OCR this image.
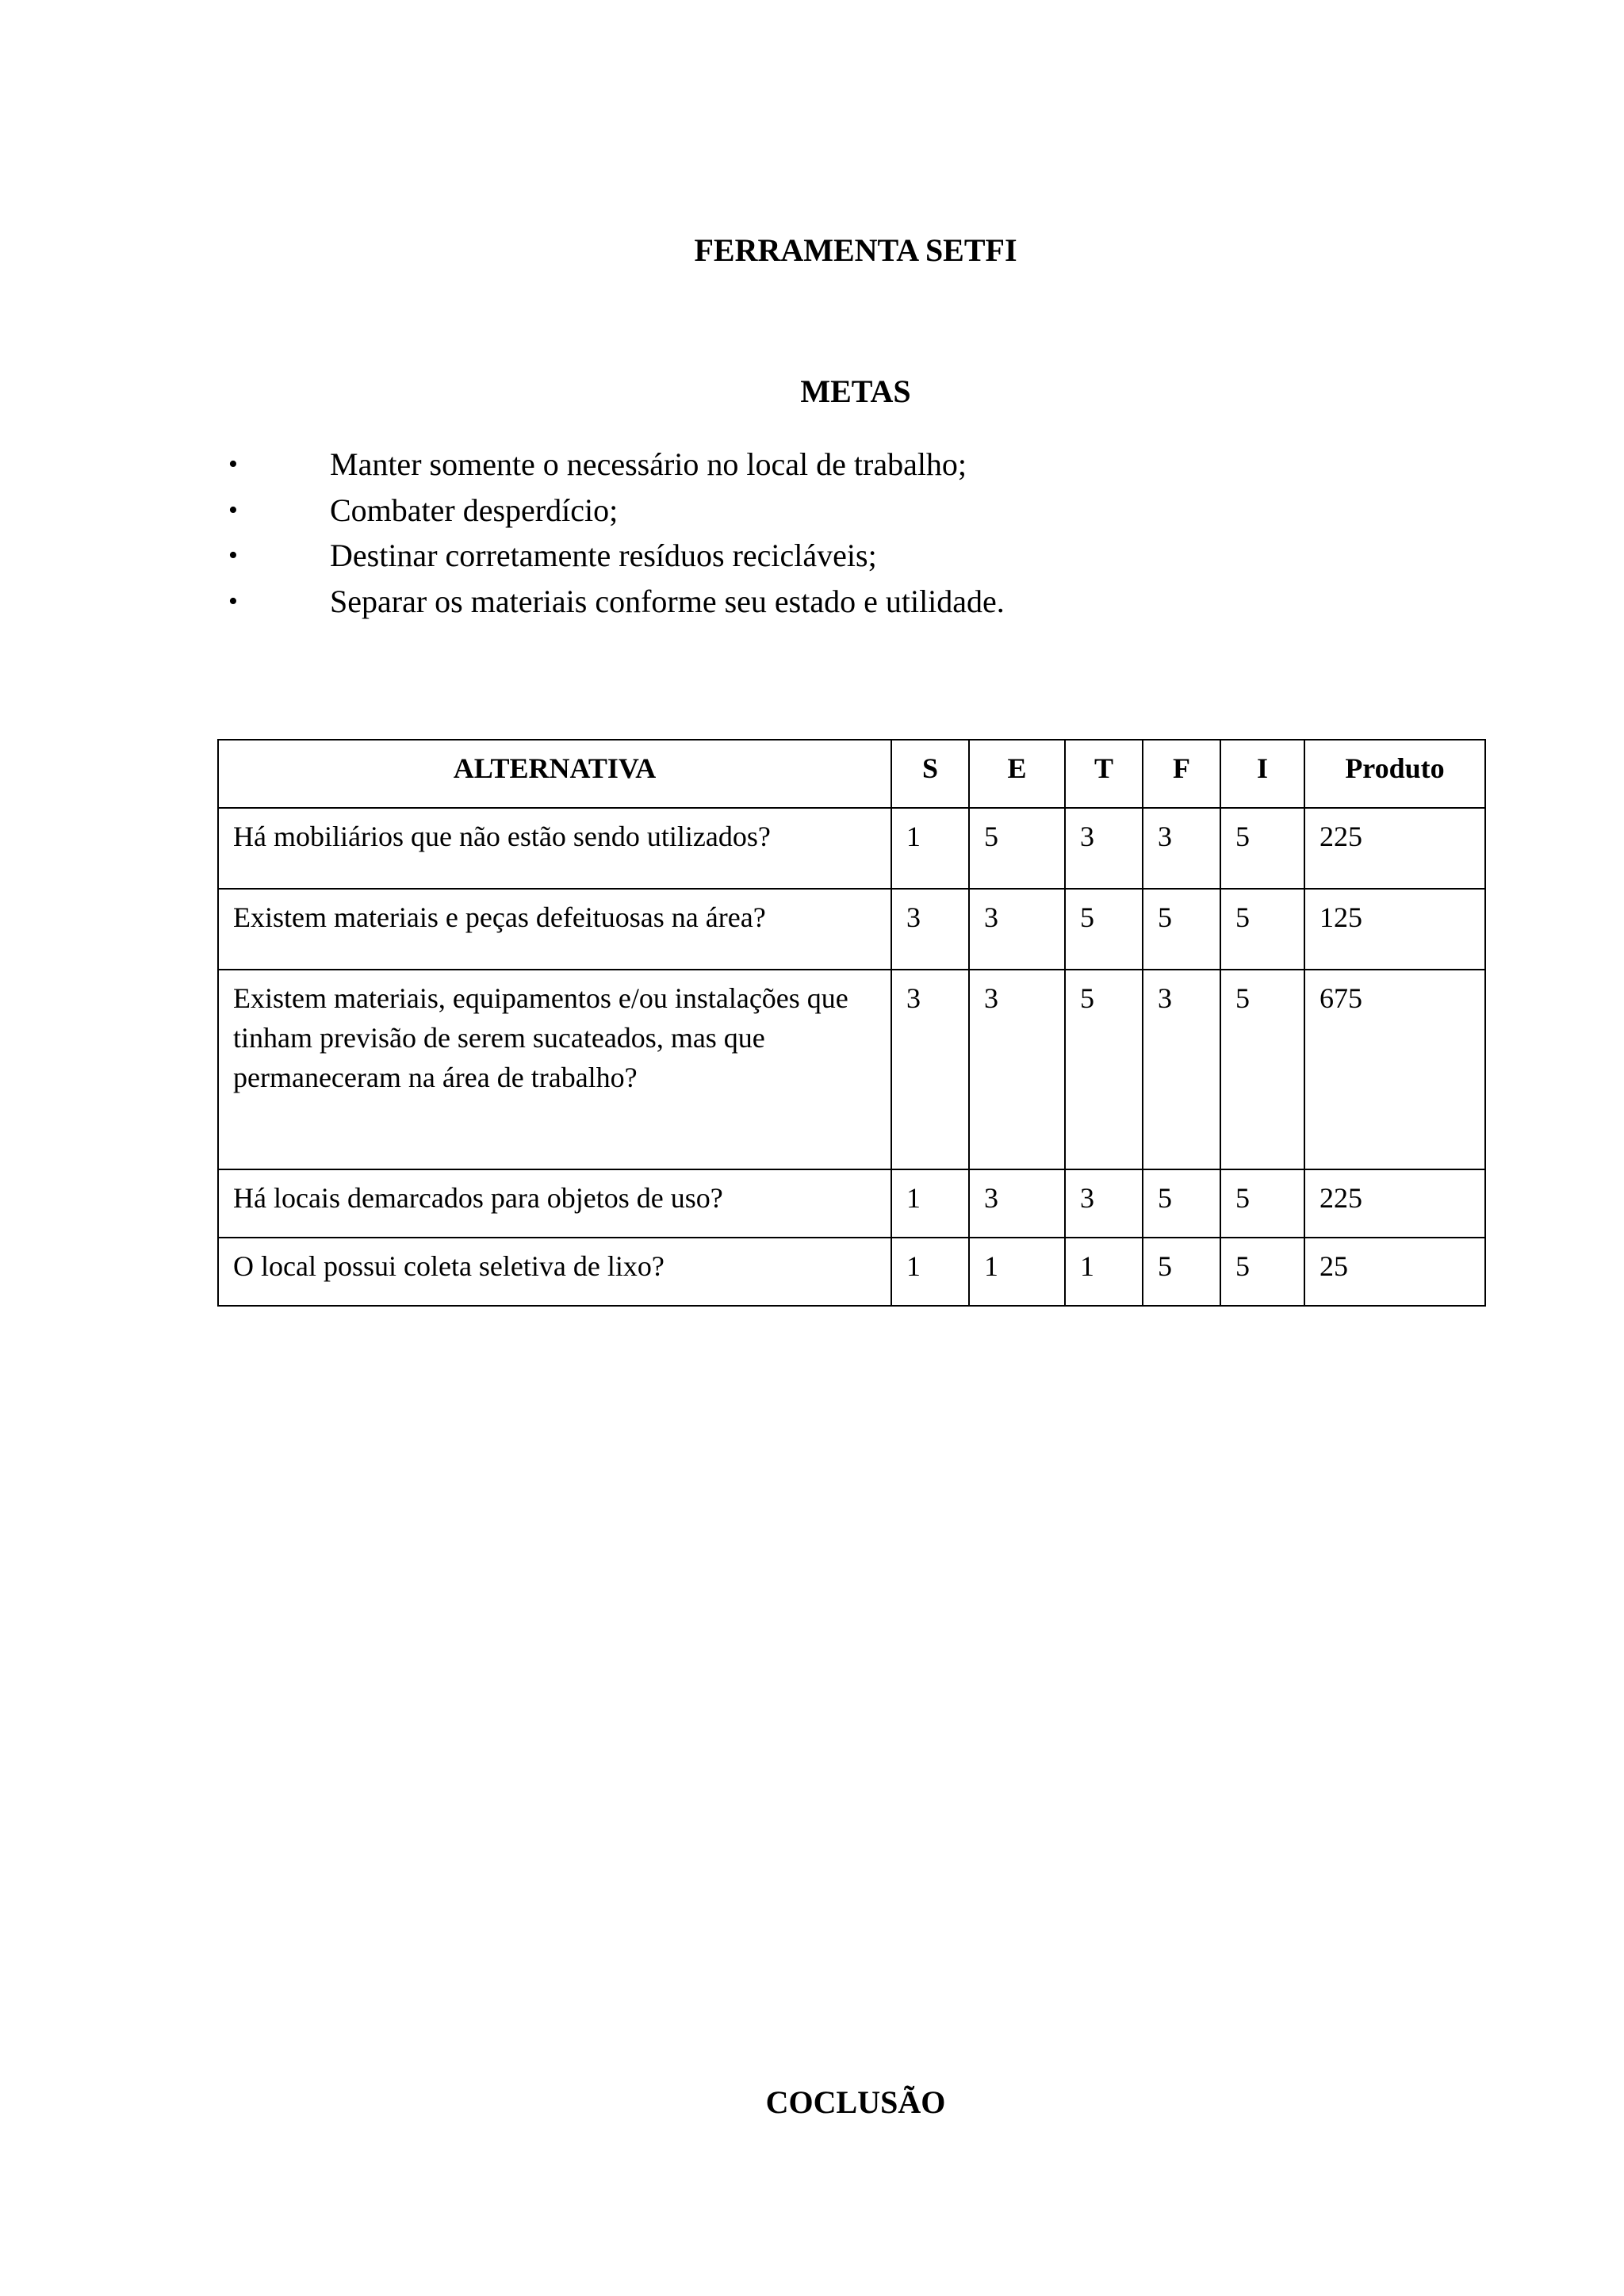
FERRAMENTA SETFI
METAS
•	Manter somente o necessário no local de trabalho;
•	Combater desperdício;
•	Destinar corretamente resíduos recicláveis;
•	Separar os materiais conforme seu estado e utilidade.
ALTERNATIVA	S	E	T	F	I	Produto
Há mobiliários que não estão sendo utilizados?	1	5	3	3	5	225
Existem materiais e peças defeituosas na área?	3	3	5	5	5	125
Existem materiais, equipamentos e/ou instalações que tinham previsão de serem sucateados, mas que permaneceram na área de trabalho?	3	3	5	3	5	675
Há locais demarcados para objetos de uso?	1	3	3	5	5	225
O local possui coleta seletiva de lixo?	1	1	1	5	5	25
COCLUSÃO
